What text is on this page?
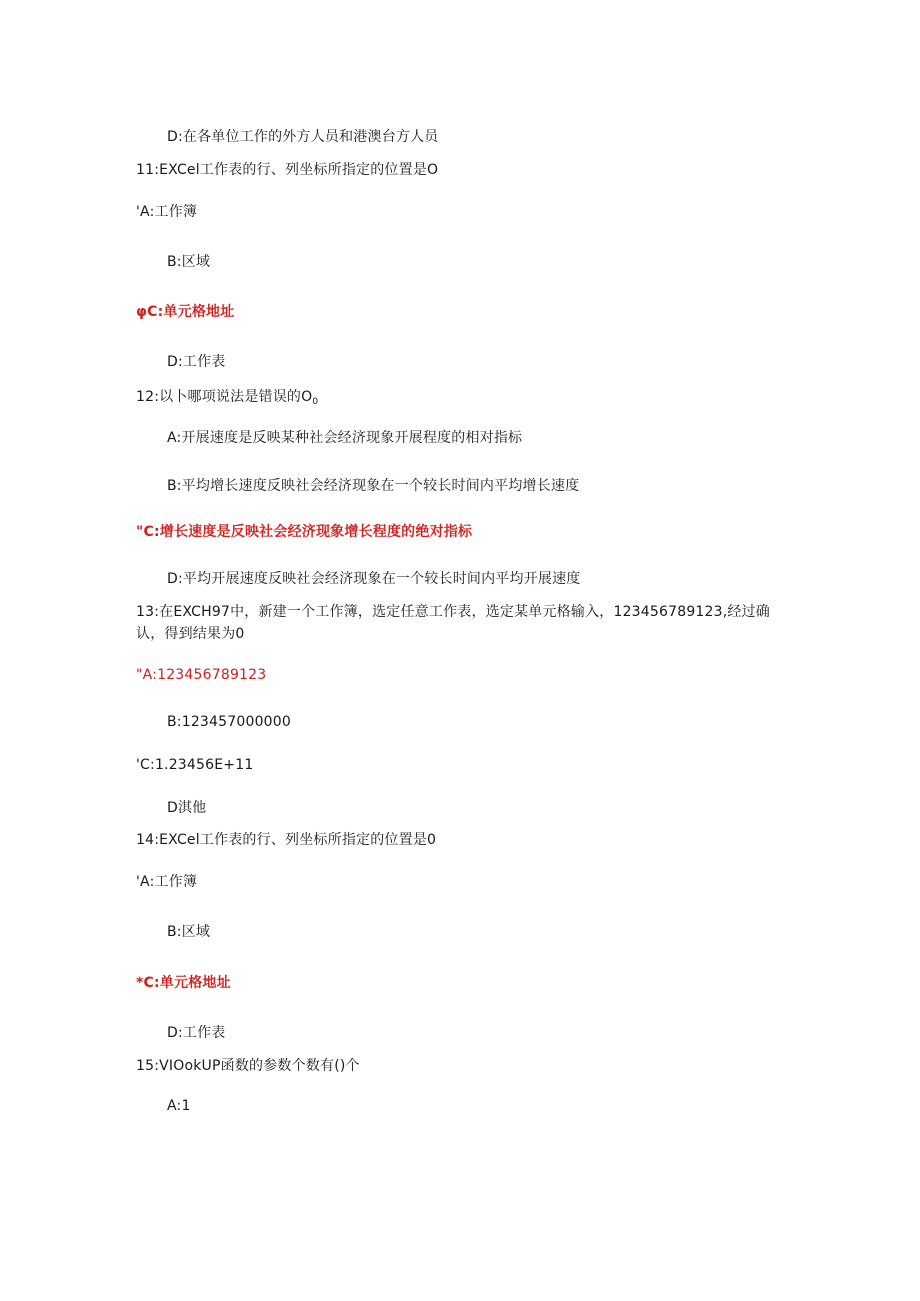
D:在各单位工作的外方人员和港澳台方人员
11:EXCel工作表的行、列坐标所指定的位置是O
'A:工作簿
B:区域
φC:单元格地址
D:工作表
12:以卜哪项说法是错误的$O_0$
A:开展速度是反映某种社会经济现象开展程度的相对指标
B:平均增长速度反映社会经济现象在一个较长时间内平均增长速度
"C:增长速度是反映社会经济现象增长程度的绝对指标
D:平均开展速度反映社会经济现象在一个较长时间内平均开展速度
13:在EXCH97中，新建一个工作簿，选定任意工作表，选定某单元格输入，123456789123,经过确认，得到结果为0
"A:123456789123
B:123457000000
'C:1.23456E+11
D淇他
14:EXCel工作表的行、列坐标所指定的位置是0
'A:工作簿
B:区域
*C:单元格地址
D:工作表
15:VIOokUP函数的参数个数有()个
A:1
